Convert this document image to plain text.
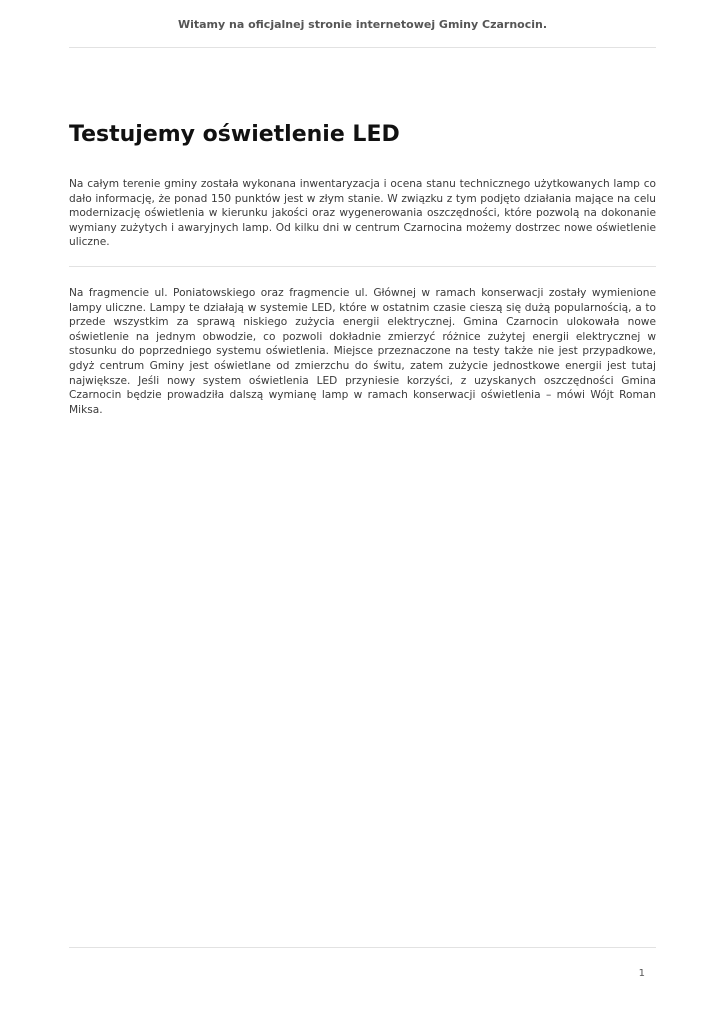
Witamy na oficjalnej stronie internetowej Gminy Czarnocin.
Testujemy oświetlenie LED

Na całym terenie gminy została wykonana inwentaryzacja i ocena stanu technicznego użytkowanych lamp co dało informację, że ponad 150 punktów jest w złym stanie. W związku z tym podjęto działania mające na celu modernizację oświetlenia w kierunku jakości oraz wygenerowania oszczędności, które pozwolą na dokonanie wymiany zużytych i awaryjnych lamp. Od kilku dni w centrum Czarnocina możemy dostrzec nowe oświetlenie uliczne.

Na fragmencie ul. Poniatowskiego oraz fragmencie ul. Głównej w ramach konserwacji zostały wymienione lampy uliczne. Lampy te działają w systemie LED, które w ostatnim czasie cieszą się dużą popularnością, a to przede wszystkim za sprawą niskiego zużycia energii elektrycznej. Gmina Czarnocin ulokowała nowe oświetlenie na jednym obwodzie, co pozwoli dokładnie zmierzyć różnice zużytej energii elektrycznej w stosunku do poprzedniego systemu oświetlenia. Miejsce przeznaczone na testy także nie jest przypadkowe, gdyż centrum Gminy jest oświetlane od zmierzchu do świtu, zatem zużycie jednostkowe energii jest tutaj największe. Jeśli nowy system oświetlenia LED przyniesie korzyści, z uzyskanych oszczędności Gmina Czarnocin będzie prowadziła dalszą wymianę lamp w ramach konserwacji oświetlenia – mówi Wójt Roman Miksa.

1
